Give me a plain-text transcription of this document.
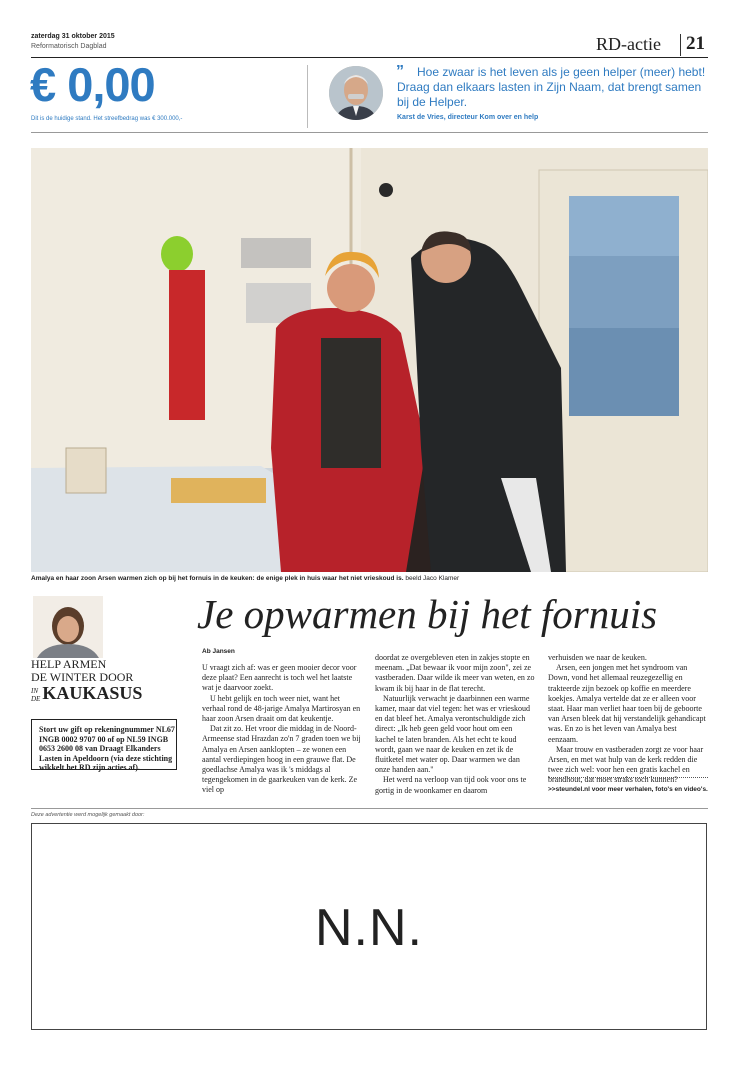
zaterdag 31 oktober 2015
Reformatorisch Dagblad	RD-actie 21
€ 0,00
Dit is de huidige stand. Het streefbedrag was € 300.000,-
”	Hoe zwaar is het leven als je geen helper (meer) hebt! Draag dan elkaars lasten in Zijn Naam, dat brengt samen bij de Helper.
Karst de Vries, directeur Kom over en help
Amalya en haar zoon Arsen warmen zich op bij het fornuis in de keuken: de enige plek in huis waar het niet vrieskoud is. beeld Jaco Klamer
HELP ARMEN
DE WINTER DOOR
IN
DE KAUKASUS
Stort uw gift op rekeningnummer NL67 INGB 0002 9707 00 of op NL59 INGB 0653 2600 08 van Draagt Elkanders Lasten in Apeldoorn (via deze stichting wikkelt het RD zijn acties af).
Je opwarmen bij het fornuis
Ab Jansen

U vraagt zich af: was er geen mooier decor voor deze plaat? Een aanrecht is toch wel het laatste wat je daarvoor zoekt.

U hebt gelijk en toch weer niet, want het verhaal rond de 48-jarige Amalya Martirosyan en haar zoon Arsen draait om dat keukentje.

Dat zit zo. Het vroor die middag in de Noord-Armeense stad Hrazdan zo'n 7 graden toen we bij Amalya en Arsen aanklopten – ze wonen een aantal verdiepingen hoog in een grauwe flat. De goedlachse Amalya was ik 's middags al tegengekomen in de gaarkeuken van de kerk. Ze viel op

doordat ze overgebleven eten in zakjes stopte en meenam. „Dat bewaar ik voor mijn zoon", zei ze vastberaden. Daar wilde ik meer van weten, en zo kwam ik bij haar in de flat terecht.

Natuurlijk verwacht je daarbinnen een warme kamer, maar dat viel tegen: het was er vrieskoud en dat bleef het. Amalya verontschuldigde zich direct: „Ik heb geen geld voor hout om een kachel te laten branden. Als het echt te koud wordt, gaan we naar de keuken en zet ik de fluitketel met water op. Daar warmen we dan onze handen aan."

Het werd na verloop van tijd ook voor ons te gortig in de woonkamer en daarom

verhuisden we naar de keuken.

Arsen, een jongen met het syndroom van Down, vond het allemaal reuzegezellig en trakteerde zijn bezoek op koffie en meerdere koekjes. Amalya vertelde dat ze er alleen voor staat. Haar man verliet haar toen bij de geboorte van Arsen bleek dat hij verstandelijk gehandicapt was. En zo is het leven van Amalya best eenzaam.

Maar trouw en vastberaden zorgt ze voor haar Arsen, en met wat hulp van de kerk redden die twee zich wel: voor hen een gratis kachel en brandhout, dat moet straks toch kunnen?

>>steundel.nl voor meer verhalen, foto's en video's.
Deze advertentie werd mogelijk gemaakt door:
N.N.
